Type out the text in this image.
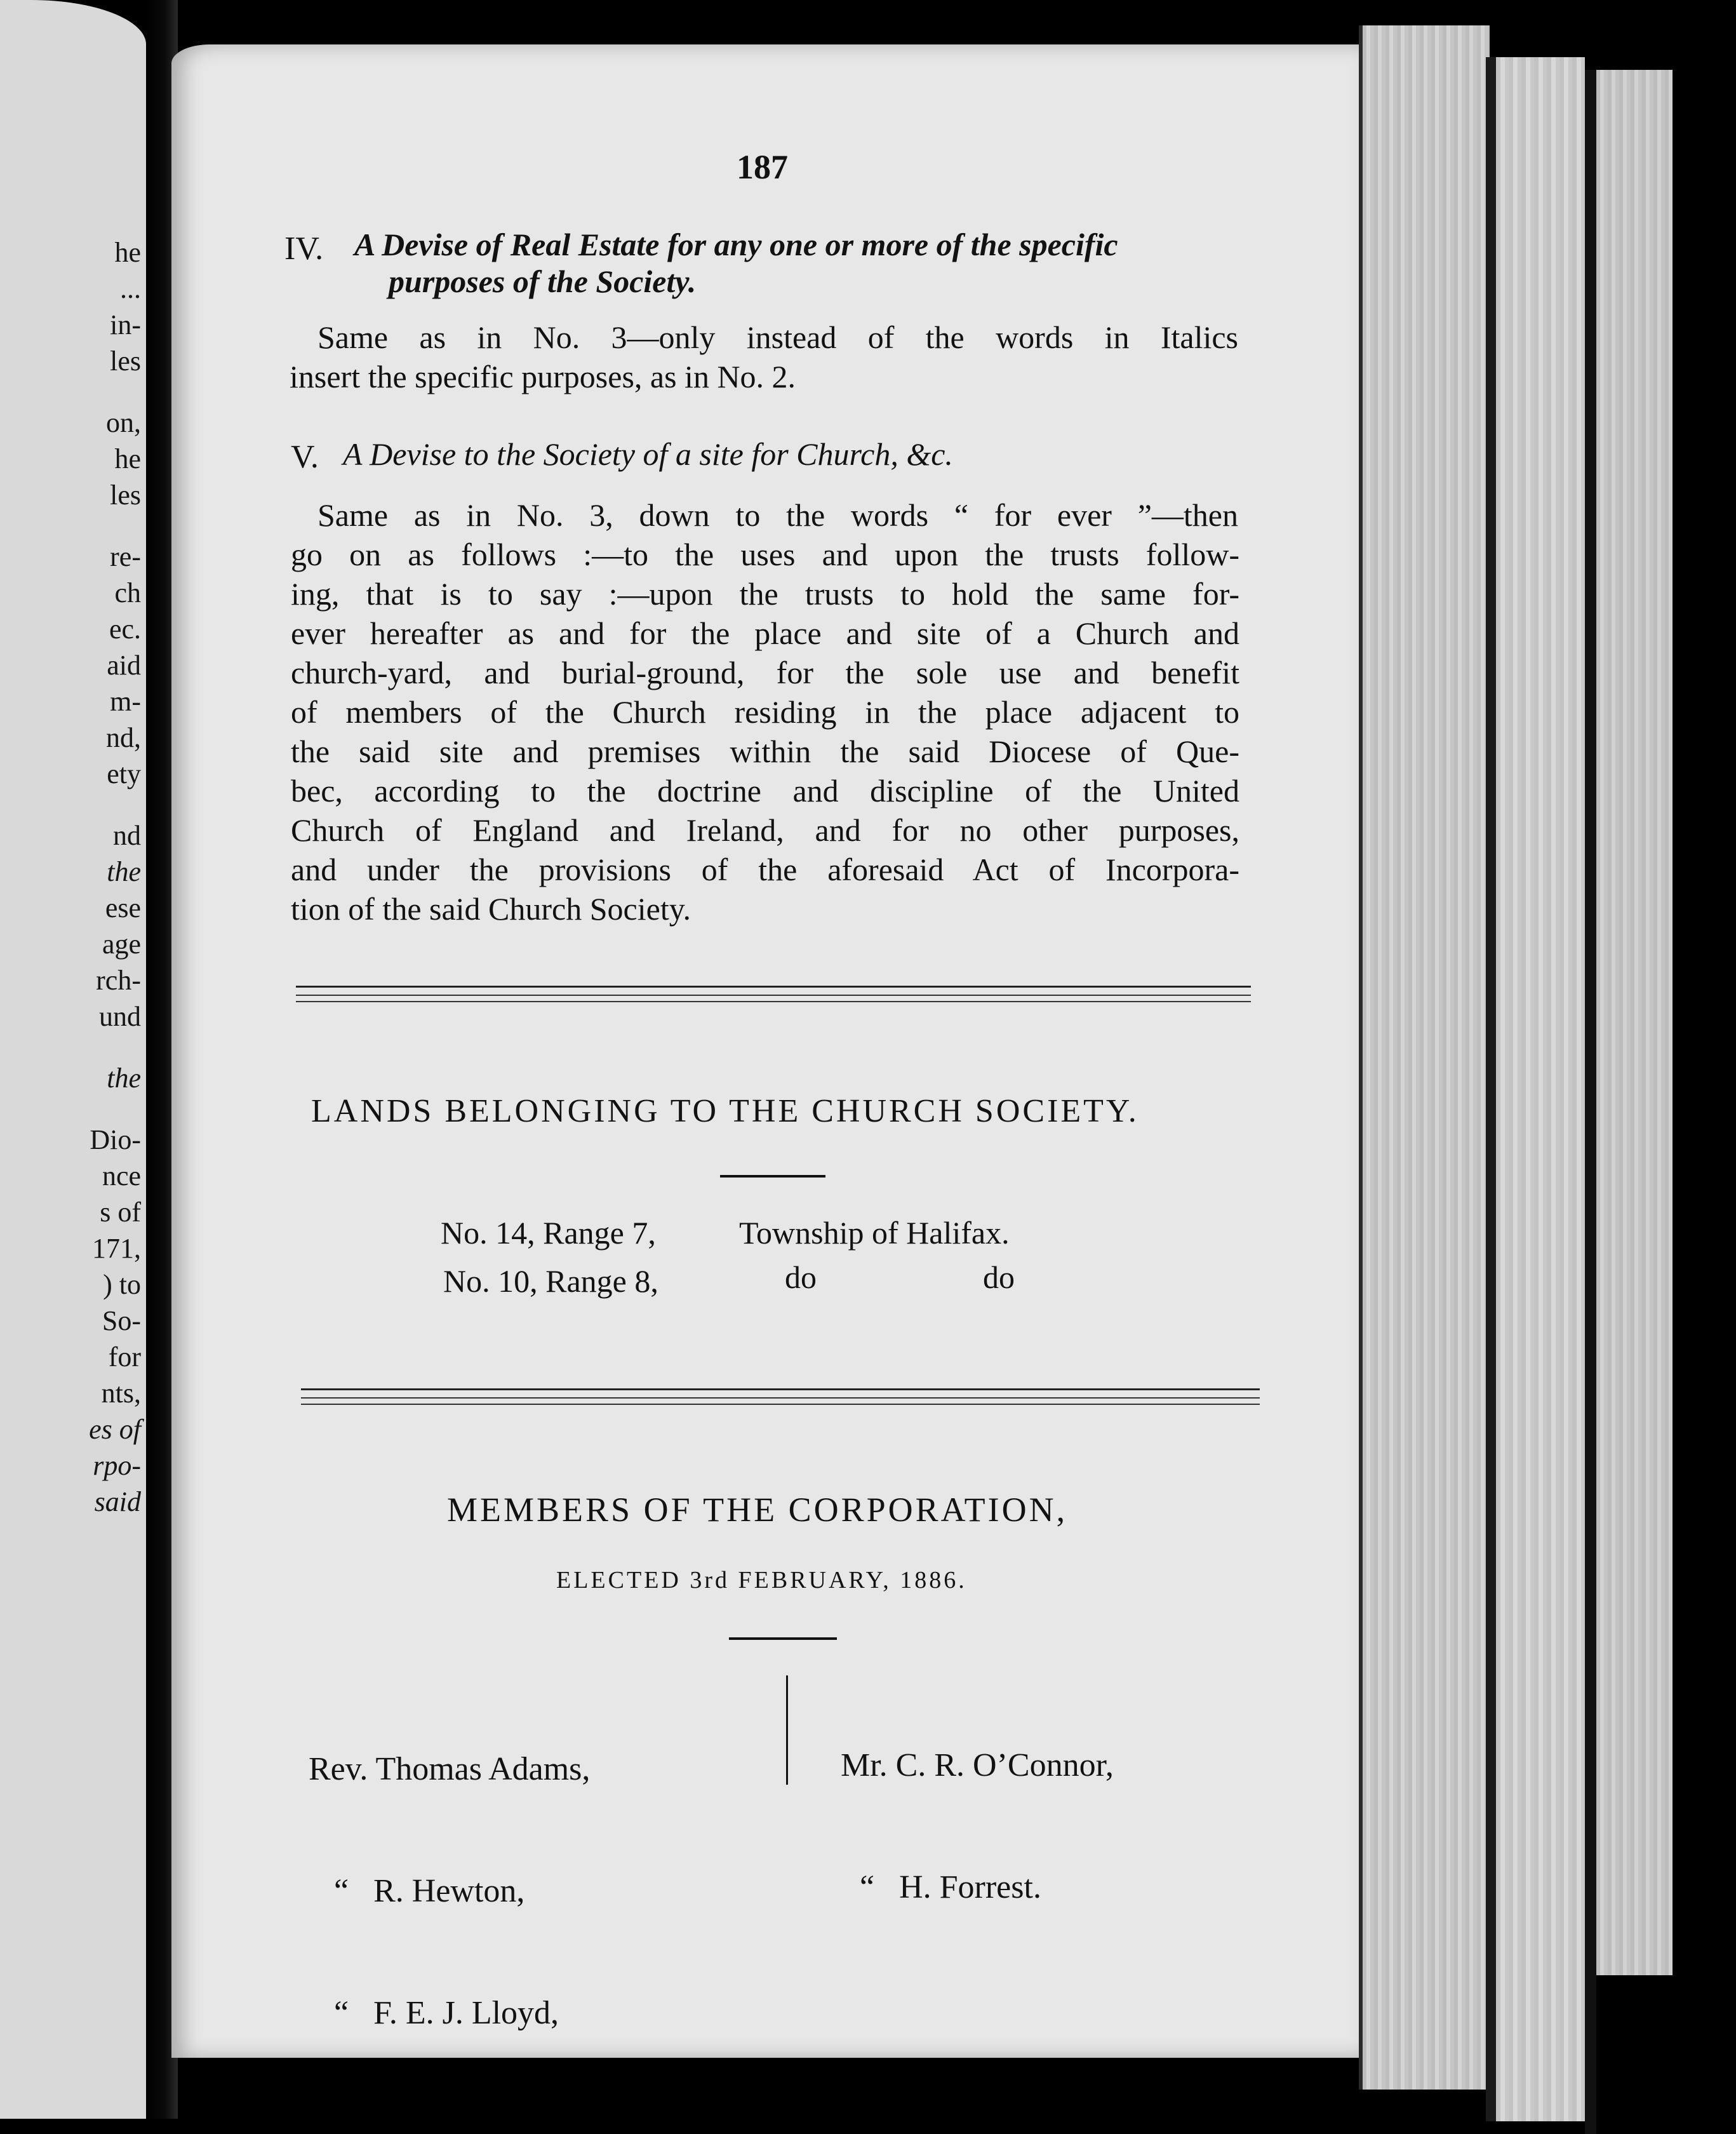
he
...
in-
les
on,
he
les
re-
ch
ec.
aid
m-
nd,
ety
nd
the
ese
age
rch-
und
the
Dio-
nce
s of
171,
) to
So-
for
nts,
es of
rpo-
said
187
IV. A Devise of Real Estate for any one or more of the specific
purposes of the Society.
Same as in No. 3—only instead of the words in Italics
insert the specific purposes, as in No. 2.
V. A Devise to the Society of a site for Church, &c.
Same as in No. 3, down to the words “ for ever ”—then
go on as follows :—to the uses and upon the trusts follow-
ing, that is to say :—upon the trusts to hold the same for-
ever hereafter as and for the place and site of a Church and
church-yard, and burial-ground, for the sole use and benefit
of members of the Church residing in the place adjacent to
the said site and premises within the said Diocese of Que-
bec, according to the doctrine and discipline of the United
Church of England and Ireland, and for no other purposes,
and under the provisions of the aforesaid Act of Incorpora-
tion of the said Church Society.
LANDS BELONGING TO THE CHURCH SOCIETY.
No. 14, Range 7,	Township of Halifax.
No. 10, Range 8,	do	do
MEMBERS OF THE CORPORATION,
ELECTED 3rd FEBRUARY, 1886.

Rev. Thomas Adams,

“   R. Hewton,

“   F. E. J. Lloyd,

Mr. C. R. O’Connor,

“   H. Forrest.
